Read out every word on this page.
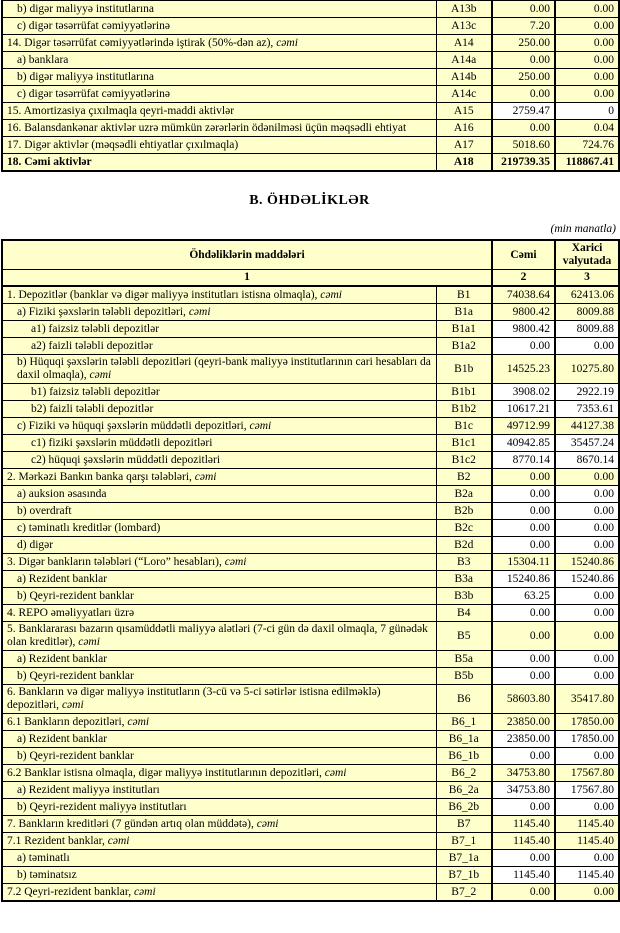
b) digər maliyyə institutlarına	A13b	0.00	0.00
c) digər təsərrüfat cəmiyyətlərinə	A13c	7.20	0.00
14. Digər təsərrüfat cəmiyyətlərində iştirak (50%-dən az), cəmi	A14	250.00	0.00
a) banklara	A14a	0.00	0.00
b) digər maliyyə institutlarına	A14b	250.00	0.00
c) digər təsərrüfat cəmiyyətlərinə	A14c	0.00	0.00
15. Amortizasiya çıxılmaqla qeyri-maddi aktivlər	A15	2759.47	0
16. Balansdankənar aktivlər uzrə mümkün zərərlərin ödənilməsi üçün məqsədli ehtiyat	A16	0.00	0.04
17. Digər aktivlər (məqsədli ehtiyatlar çıxılmaqla)	A17	5018.60	724.76
18. Cəmi aktivlər	A18	219739.35	118867.41
B. ÖHDƏLİKLƏR
(min manatla)
Öhdəliklərin maddələri		Cəmi	Xarici valyutada
1		2	3
1. Depozitlər (banklar və digər maliyyə institutları istisna olmaqla), cəmi	B1	74038.64	62413.06
a) Fiziki şəxslərin tələbli depozitləri, cəmi	B1a	9800.42	8009.88
a1) faizsiz tələbli depozitlər	B1a1	9800.42	8009.88
a2) faizli tələbli depozitlər	B1a2	0.00	0.00
b) Hüquqi şəxslərin tələbli depozitləri (qeyri-bank maliyyə institutlarının cari hesabları da daxil olmaqla), cəmi	B1b	14525.23	10275.80
b1) faizsiz tələbli depozitlər	B1b1	3908.02	2922.19
b2) faizli tələbli depozitlər	B1b2	10617.21	7353.61
c) Fiziki və hüquqi şəxslərin müddətli depozitləri, cəmi	B1c	49712.99	44127.38
c1) fiziki şəxslərin müddətli depozitləri	B1c1	40942.85	35457.24
c2) hüquqi şəxslərin müddətli depozitləri	B1c2	8770.14	8670.14
2. Mərkəzi Bankın banka qarşı tələbləri, cəmi	B2	0.00	0.00
a) auksion əsasında	B2a	0.00	0.00
b) overdraft	B2b	0.00	0.00
c) təminatlı kreditlər (lombard)	B2c	0.00	0.00
d) digər	B2d	0.00	0.00
3. Digər bankların tələbləri (“Loro” hesabları), cəmi	B3	15304.11	15240.86
a) Rezident banklar	B3a	15240.86	15240.86
b) Qeyri-rezident banklar	B3b	63.25	0.00
4. REPO əməliyyatları üzrə	B4	0.00	0.00
5. Banklararası bazarın qısamüddətli maliyyə alətləri (7-ci gün də daxil olmaqla, 7 günədək olan kreditlər), cəmi	B5	0.00	0.00
a) Rezident banklar	B5a	0.00	0.00
b) Qeyri-rezident banklar	B5b	0.00	0.00
6. Bankların və digər maliyyə institutların (3-cü və 5-ci sətirlər istisna edilməklə) depozitləri, cəmi	B6	58603.80	35417.80
6.1 Bankların depozitləri, cəmi	B6_1	23850.00	17850.00
a) Rezident banklar	B6_1a	23850.00	17850.00
b) Qeyri-rezident banklar	B6_1b	0.00	0.00
6.2 Banklar istisna olmaqla, digər maliyyə institutlarının depozitləri, cəmi	B6_2	34753.80	17567.80
a) Rezident maliyyə institutları	B6_2a	34753.80	17567.80
b) Qeyri-rezident maliyyə institutları	B6_2b	0.00	0.00
7. Bankların kreditləri (7 gündən artıq olan müddətə), cəmi	B7	1145.40	1145.40
7.1 Rezident banklar, cəmi	B7_1	1145.40	1145.40
a) təminatlı	B7_1a	0.00	0.00
b) təminatsız	B7_1b	1145.40	1145.40
7.2 Qeyri-rezident banklar, cəmi	B7_2	0.00	0.00
